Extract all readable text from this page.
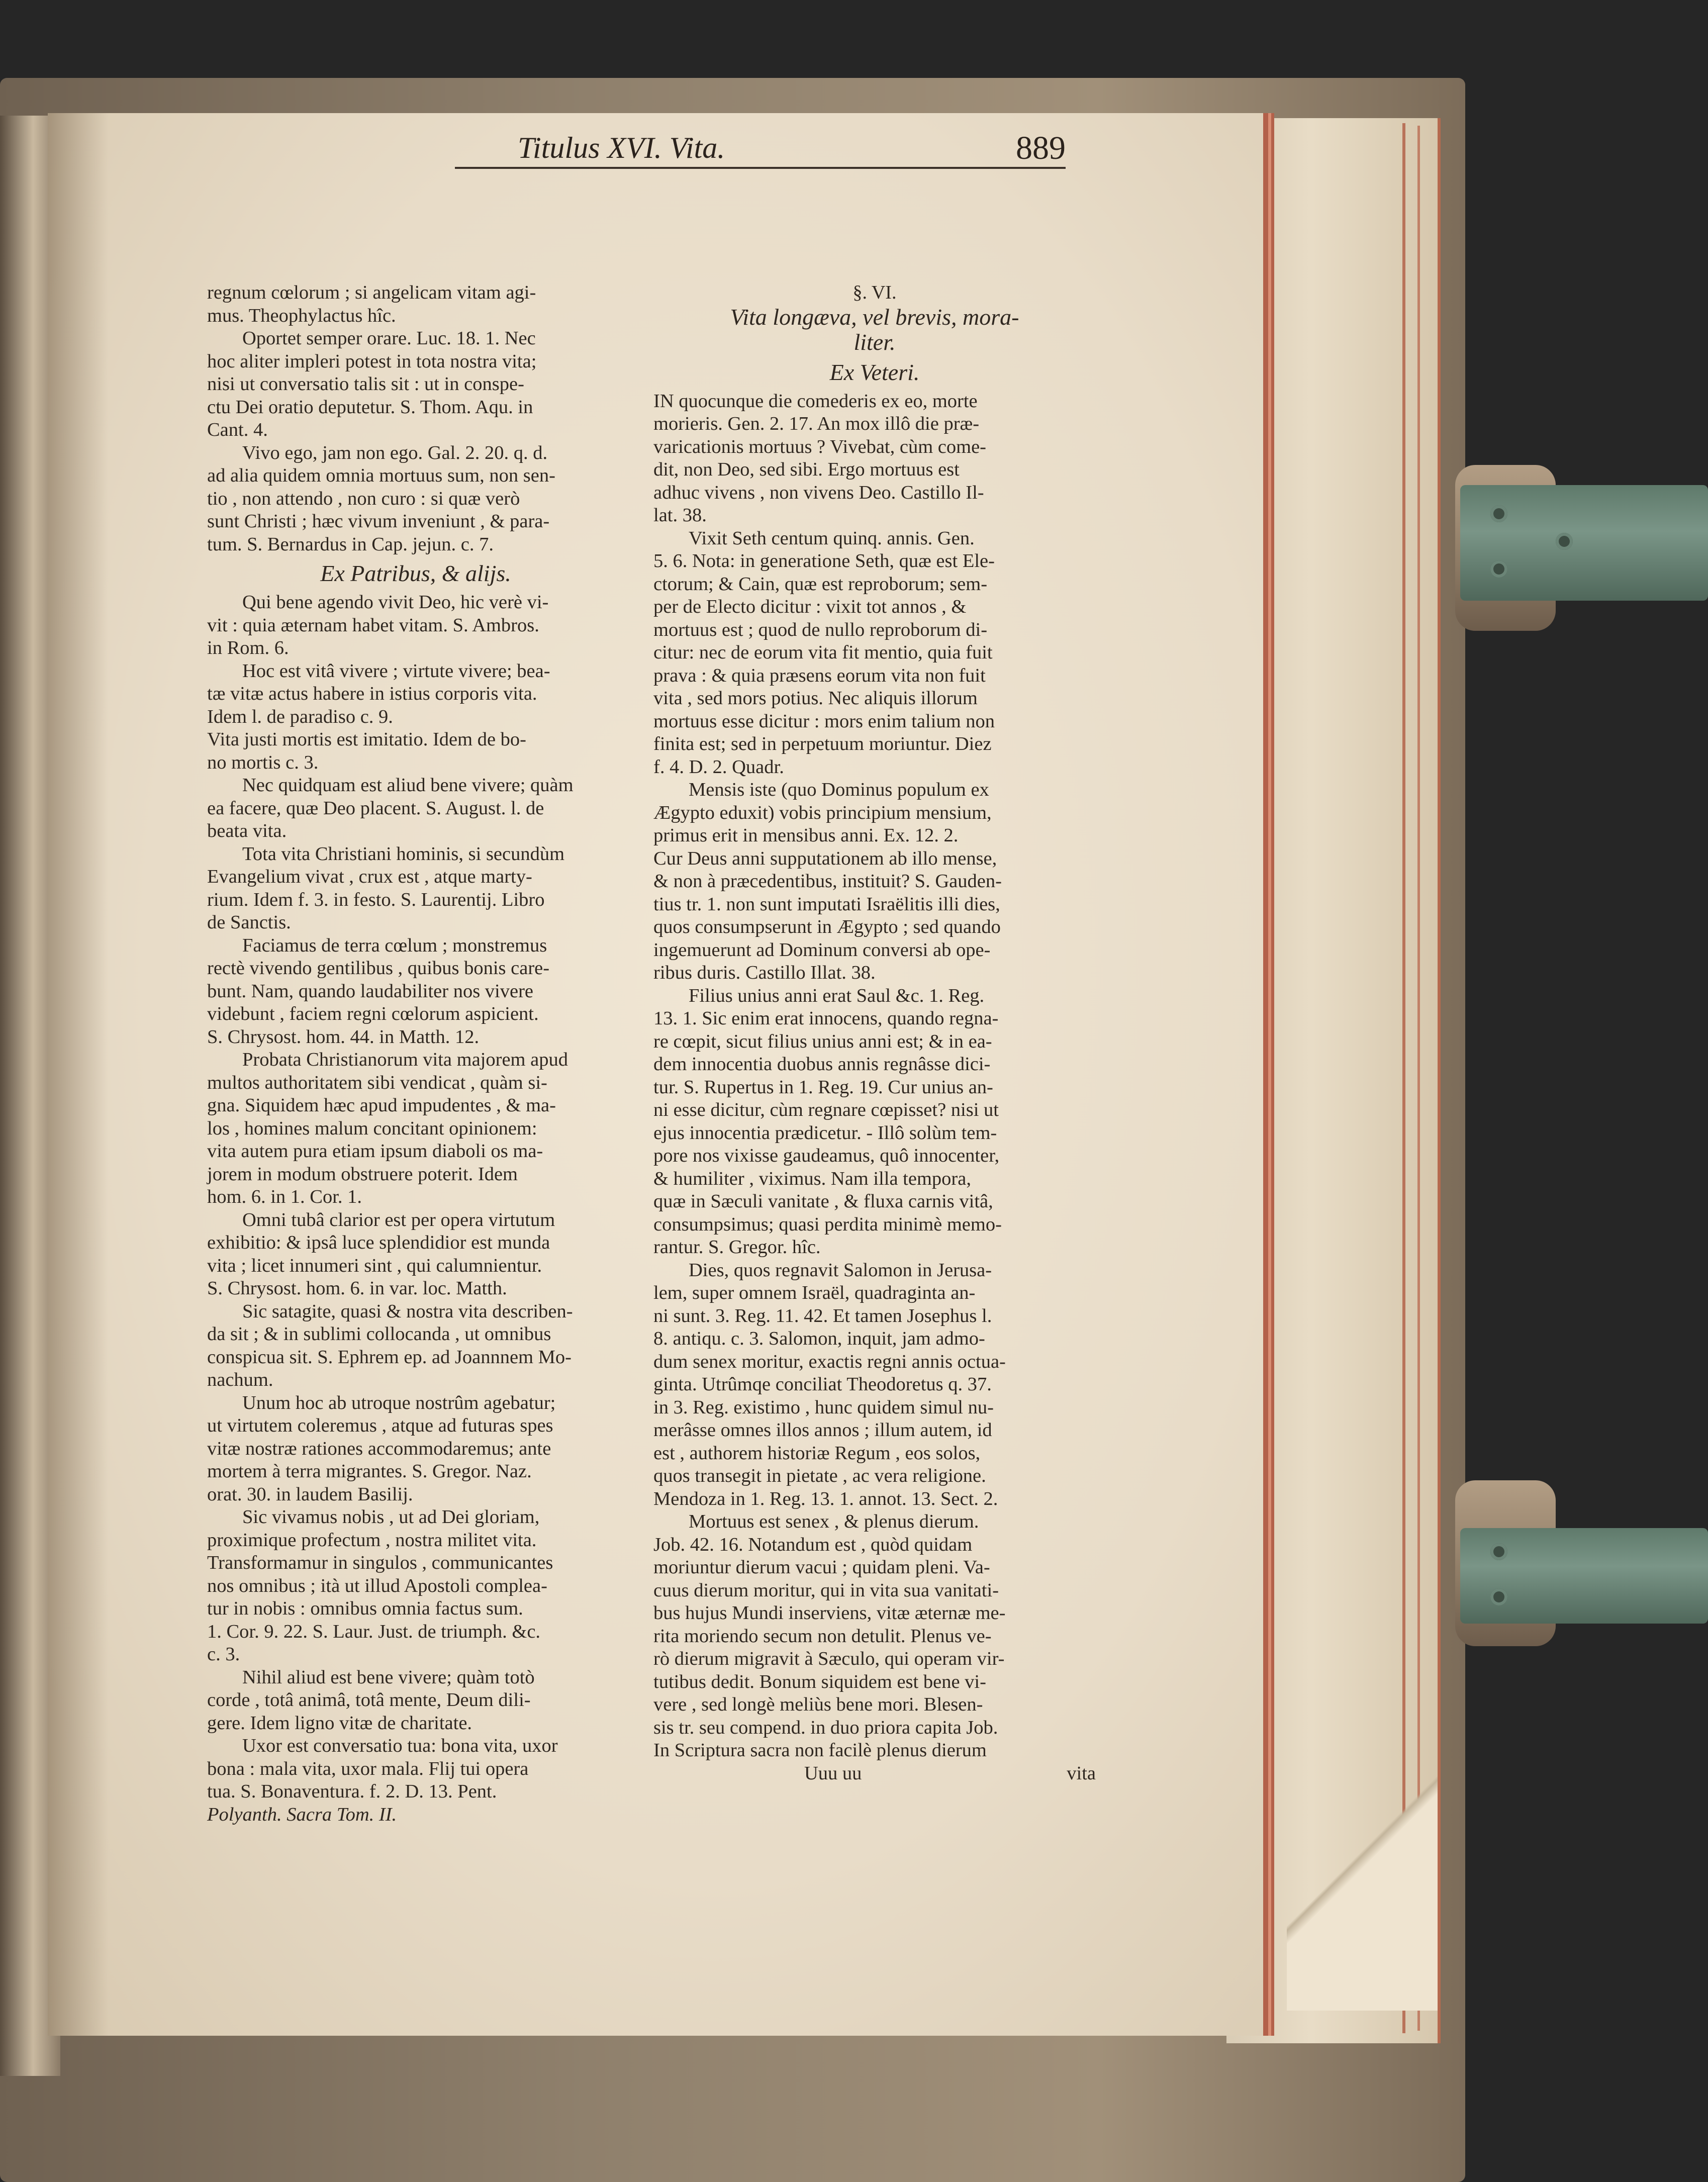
Titulus XVI. Vita.	889

regnum cœlorum ; si angelicam vitam agi-

mus. Theophylactus hîc.

Oportet semper orare. Luc. 18. 1. Nec

hoc aliter impleri potest in tota nostra vita;

nisi ut conversatio talis sit : ut in conspe-

ctu Dei oratio deputetur. S. Thom. Aqu. in

Cant. 4.

Vivo ego, jam non ego. Gal. 2. 20. q. d.

ad alia quidem omnia mortuus sum, non sen-

tio , non attendo , non curo : si quæ verò

sunt Christi ; hæc vivum inveniunt , & para-

tum. S. Bernardus in Cap. jejun. c. 7.

Ex Patribus, & alijs.

Qui bene agendo vivit Deo, hic verè vi-

vit : quia æternam habet vitam. S. Ambros.

in Rom. 6.

Hoc est vitâ vivere ; virtute vivere; bea-

tæ vitæ actus habere in istius corporis vita.

Idem l. de paradiso c. 9.

Vita justi mortis est imitatio. Idem de bo-

no mortis c. 3.

Nec quidquam est aliud bene vivere; quàm

ea facere, quæ Deo placent. S. August. l. de

beata vita.

Tota vita Christiani hominis, si secundùm

Evangelium vivat , crux est , atque marty-

rium. Idem f. 3. in festo. S. Laurentij. Libro

de Sanctis.

Faciamus de terra cœlum ; monstremus

rectè vivendo gentilibus , quibus bonis care-

bunt. Nam, quando laudabiliter nos vivere

videbunt , faciem regni cœlorum aspicient.

S. Chrysost. hom. 44. in Matth. 12.

Probata Christianorum vita majorem apud

multos authoritatem sibi vendicat , quàm si-

gna. Siquidem hæc apud impudentes , & ma-

los , homines malum concitant opinionem:

vita autem pura etiam ipsum diaboli os ma-

jorem in modum obstruere poterit. Idem

hom. 6. in 1. Cor. 1.

Omni tubâ clarior est per opera virtutum

exhibitio: & ipsâ luce splendidior est munda

vita ; licet innumeri sint , qui calumnientur.

S. Chrysost. hom. 6. in var. loc. Matth.

Sic satagite, quasi & nostra vita describen-

da sit ; & in sublimi collocanda , ut omnibus

conspicua sit. S. Ephrem ep. ad Joannnem Mo-

nachum.

Unum hoc ab utroque nostrûm agebatur;

ut virtutem coleremus , atque ad futuras spes

vitæ nostræ rationes accommodaremus; ante

mortem à terra migrantes. S. Gregor. Naz.

orat. 30. in laudem Basilij.

Sic vivamus nobis , ut ad Dei gloriam,

proximique profectum , nostra militet vita.

Transformamur in singulos , communicantes

nos omnibus ; ità ut illud Apostoli complea-

tur in nobis : omnibus omnia factus sum.

1. Cor. 9. 22. S. Laur. Just. de triumph. &c.

c. 3.

Nihil aliud est bene vivere; quàm totò

corde , totâ animâ, totâ mente, Deum dili-

gere. Idem ligno vitæ de charitate.

Uxor est conversatio tua: bona vita, uxor

bona : mala vita, uxor mala. Flij tui opera

tua. S. Bonaventura. f. 2. D. 13. Pent.

Polyanth. Sacra Tom. II.

§. VI.

Vita longæva, vel brevis, mora-

liter.

Ex Veteri.

IN quocunque die comederis ex eo, morte

morieris. Gen. 2. 17. An mox illô die præ-

varicationis mortuus ? Vivebat, cùm come-

dit, non Deo, sed sibi. Ergo mortuus est

adhuc vivens , non vivens Deo. Castillo Il-

lat. 38.

Vixit Seth centum quinq. annis. Gen.

5. 6. Nota: in generatione Seth, quæ est Ele-

ctorum; & Cain, quæ est reproborum; sem-

per de Electo dicitur : vixit tot annos , &

mortuus est ; quod de nullo reproborum di-

citur: nec de eorum vita fit mentio, quia fuit

prava : & quia præsens eorum vita non fuit

vita , sed mors potius. Nec aliquis illorum

mortuus esse dicitur : mors enim talium non

finita est; sed in perpetuum moriuntur. Diez

f. 4. D. 2. Quadr.

Mensis iste (quo Dominus populum ex

Ægypto eduxit) vobis principium mensium,

primus erit in mensibus anni. Ex. 12. 2.

Cur Deus anni supputationem ab illo mense,

& non à præcedentibus, instituit? S. Gauden-

tius tr. 1. non sunt imputati Israëlitis illi dies,

quos consumpserunt in Ægypto ; sed quando

ingemuerunt ad Dominum conversi ab ope-

ribus duris. Castillo Illat. 38.

Filius unius anni erat Saul &c. 1. Reg.

13. 1. Sic enim erat innocens, quando regna-

re cœpit, sicut filius unius anni est; & in ea-

dem innocentia duobus annis regnâsse dici-

tur. S. Rupertus in 1. Reg. 19. Cur unius an-

ni esse dicitur, cùm regnare cœpisset? nisi ut

ejus innocentia prædicetur. - Illô solùm tem-

pore nos vixisse gaudeamus, quô innocenter,

& humiliter , viximus. Nam illa tempora,

quæ in Sæculi vanitate , & fluxa carnis vitâ,

consumpsimus; quasi perdita minimè memo-

rantur. S. Gregor. hîc.

Dies, quos regnavit Salomon in Jerusa-

lem, super omnem Israël, quadraginta an-

ni sunt. 3. Reg. 11. 42. Et tamen Josephus l.

8. antiqu. c. 3. Salomon, inquit, jam admo-

dum senex moritur, exactis regni annis octua-

ginta. Utrûmqe conciliat Theodoretus q. 37.

in 3. Reg. existimo , hunc quidem simul nu-

merâsse omnes illos annos ; illum autem, id

est , authorem historiæ Regum , eos solos,

quos transegit in pietate , ac vera religione.

Mendoza in 1. Reg. 13. 1. annot. 13. Sect. 2.

Mortuus est senex , & plenus dierum.

Job. 42. 16. Notandum est , quòd quidam

moriuntur dierum vacui ; quidam pleni. Va-

cuus dierum moritur, qui in vita sua vanitati-

bus hujus Mundi inserviens, vitæ æternæ me-

rita moriendo secum non detulit. Plenus ve-

rò dierum migravit à Sæculo, qui operam vir-

tutibus dedit. Bonum siquidem est bene vi-

vere , sed longè meliùs bene mori. Blesen-

sis tr. seu compend. in duo priora capita Job.

In Scriptura sacra non facilè plenus dierum

Uuu uu	vita
